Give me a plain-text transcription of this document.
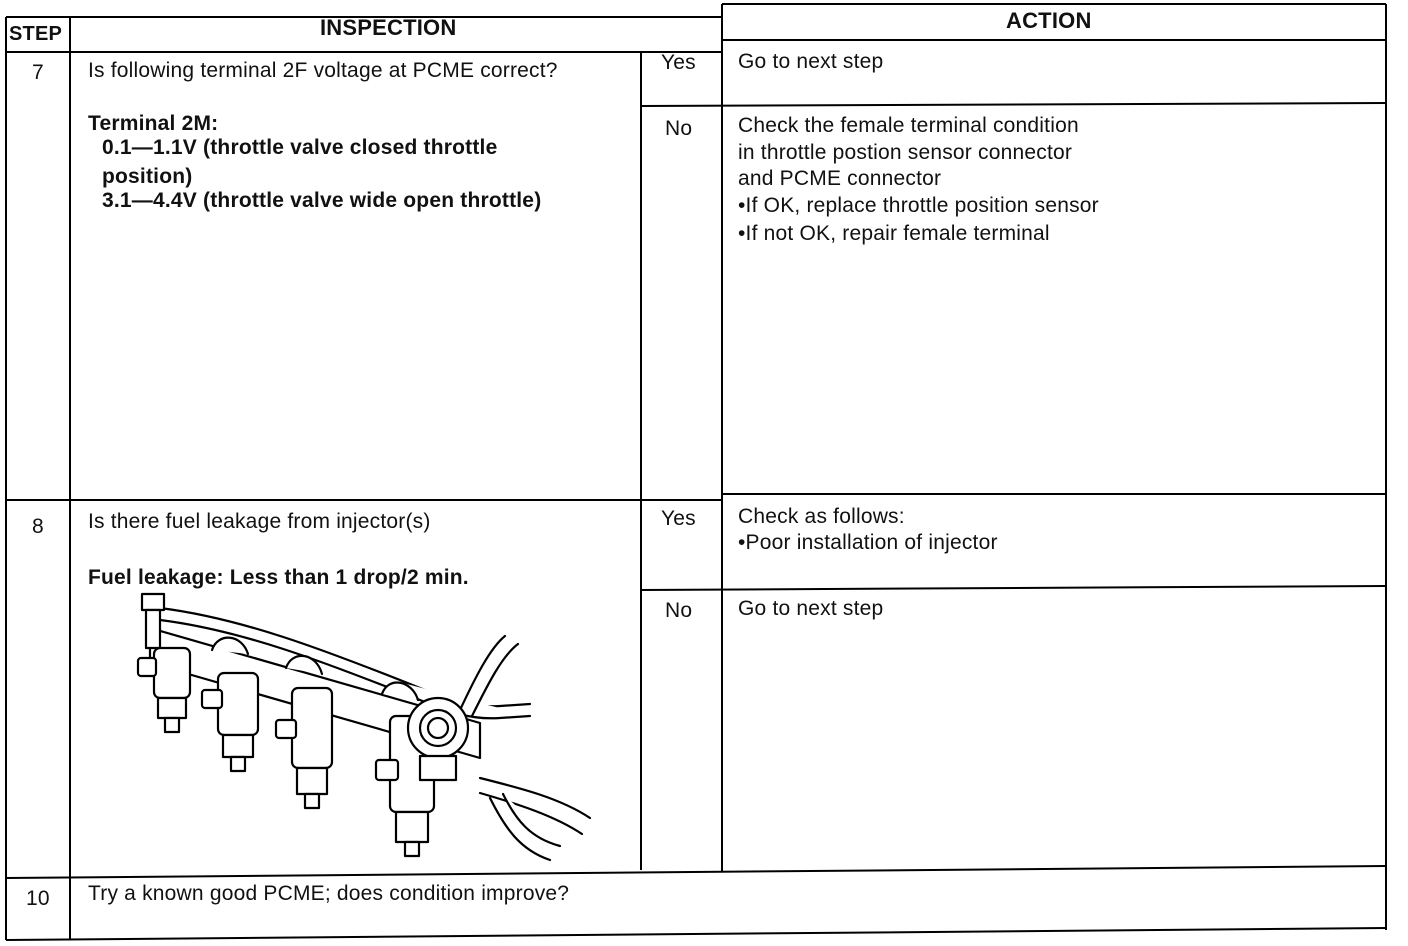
STEP	INSPECTION	ACTION
7 Is following terminal 2F voltage at PCME correct?
Terminal 2M:
0.1—1.1V (throttle valve closed throttle
position)
3.1—4.4V (throttle valve wide open throttle)
Yes Go to next step
No Check the female terminal condition
in throttle postion sensor connector
and PCME connector
•If OK, replace throttle position sensor
•If not OK, repair female terminal
8 Is there fuel leakage from injector(s)
Fuel leakage: Less than 1 drop/2 min.
Yes Check as follows:
•Poor installation of injector
No Go to next step
10 Try a known good PCME; does condition improve?
